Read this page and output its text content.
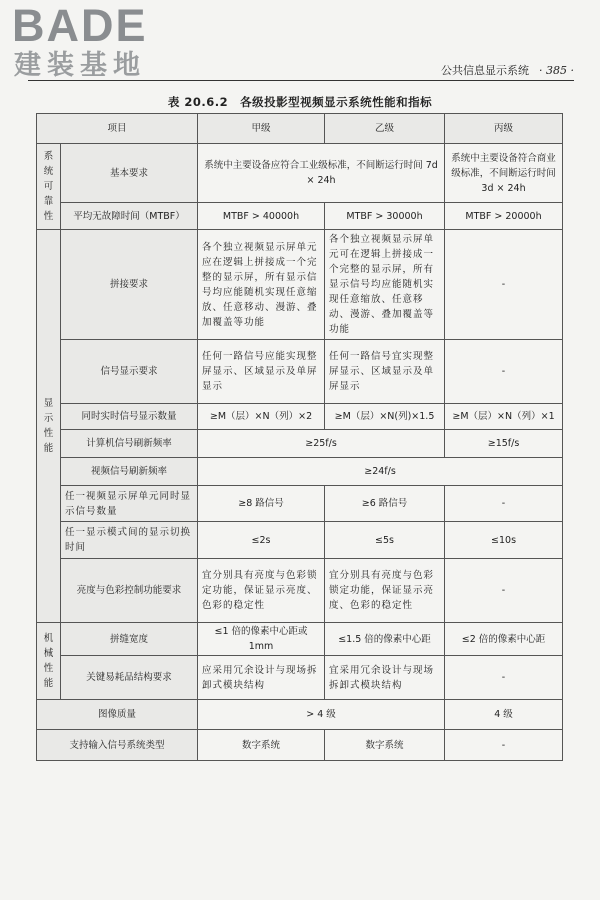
BADE
建装基地	公共信息显示系统 · 385 ·
表 20.6.2　各级投影型视频显示系统性能和指标
项目		甲级	乙级	丙级
系统可靠性	基本要求	系统中主要设备应符合工业级标准，不间断运行时间 7d × 24h		系统中主要设备符合商业级标准，不间断运行时间 3d × 24h
	平均无故障时间（MTBF）	MTBF > 40000h	MTBF > 30000h	MTBF > 20000h
显示性能	拼接要求	各个独立视频显示屏单元应在逻辑上拼接成一个完整的显示屏，所有显示信号均应能随机实现任意缩放、任意移动、漫游、叠加覆盖等功能	各个独立视频显示屏单元可在逻辑上拼接成一个完整的显示屏，所有显示信号均应能随机实现任意缩放、任意移动、漫游、叠加覆盖等功能	-
	信号显示要求	任何一路信号应能实现整屏显示、区域显示及单屏显示	任何一路信号宜实现整屏显示、区域显示及单屏显示	-
	同时实时信号显示数量	≥M（层）×N（列）×2	≥M（层）×N(列)×1.5	≥M（层）×N（列）×1
	计算机信号刷新频率	≥25f/s		≥15f/s
	视频信号刷新频率	≥24f/s		
	任一视频显示屏单元同时显示信号数量	≥8 路信号	≥6 路信号	-
	任一显示模式间的显示切换时间	≤2s	≤5s	≤10s
	亮度与色彩控制功能要求	宜分别具有亮度与色彩锁定功能，保证显示亮度、色彩的稳定性	宜分别具有亮度与色彩锁定功能，保证显示亮度、色彩的稳定性	-
机械性能	拼缝宽度	≤1 倍的像素中心距或 1mm	≤1.5 倍的像素中心距	≤2 倍的像素中心距
	关键易耗品结构要求	应采用冗余设计与现场拆卸式模块结构	宜采用冗余设计与现场拆卸式模块结构	-
图像质量		> 4 级		4 级
支持输入信号系统类型		数字系统	数字系统	-
